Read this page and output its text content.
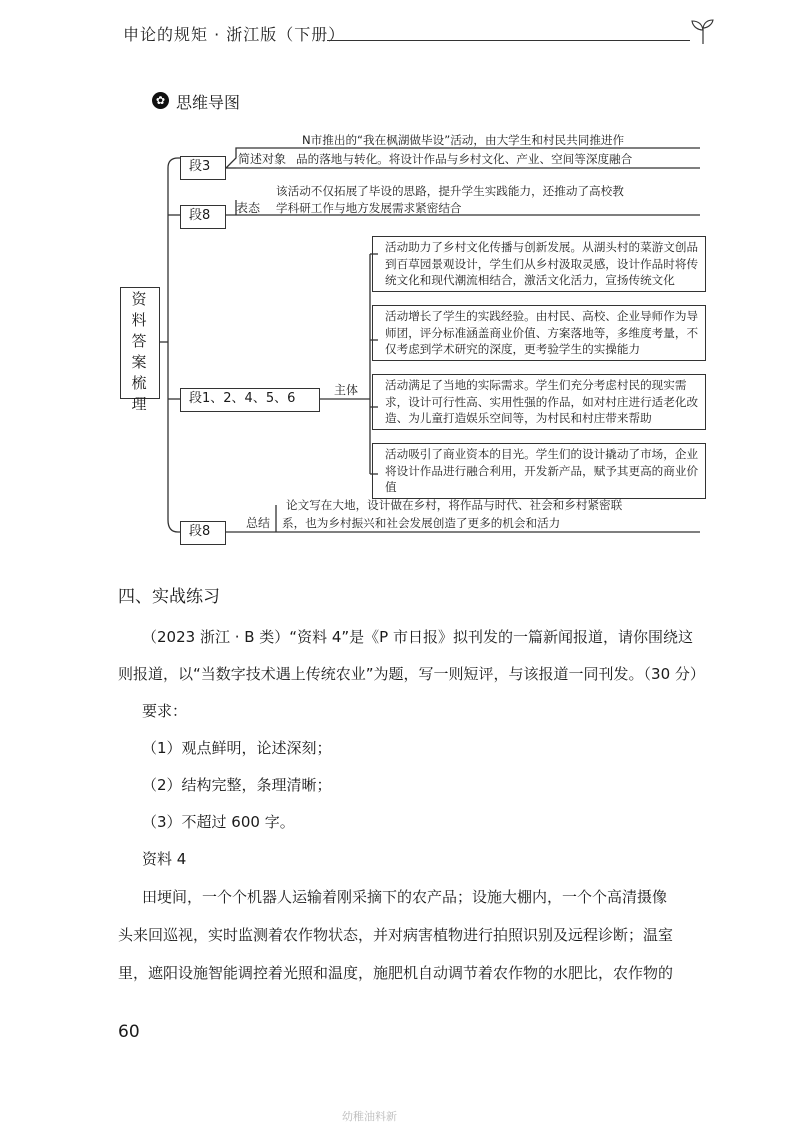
申论的规矩 · 浙江版（下册）
✿ 思维导图
资
料
答
案
梳
理
段3	简述对象
N市推出的“我在枫湖做毕设”活动，由大学生和村民共同推进作
品的落地与转化。将设计作品与乡村文化、产业、空间等深度融合
段8	表态
该活动不仅拓展了毕设的思路，提升学生实践能力，还推动了高校教
学科研工作与地方发展需求紧密结合
段1、2、4、5、6
主体
活动助力了乡村文化传播与创新发展。从湖头村的菜游文创品到百草园景观设计，学生们从乡村汲取灵感，设计作品时将传统文化和现代潮流相结合，激活文化活力，宣扬传统文化
活动增长了学生的实践经验。由村民、高校、企业导师作为导师团，评分标准涵盖商业价值、方案落地等，多维度考量，不仅考虑到学术研究的深度，更考验学生的实操能力
活动满足了当地的实际需求。学生们充分考虑村民的现实需求，设计可行性高、实用性强的作品，如对村庄进行适老化改造、为儿童打造娱乐空间等，为村民和村庄带来帮助
活动吸引了商业资本的目光。学生们的设计撬动了市场，企业将设计作品进行融合利用，开发新产品，赋予其更高的商业价值
段8
总结
论文写在大地，设计做在乡村，将作品与时代、社会和乡村紧密联
系，也为乡村振兴和社会发展创造了更多的机会和活力
四、实战练习
（2023 浙江 · B 类）“资料 4”是《P 市日报》拟刊发的一篇新闻报道，请你围绕这
则报道，以“当数字技术遇上传统农业”为题，写一则短评，与该报道一同刊发。（30 分）
要求：
（1）观点鲜明，论述深刻；
（2）结构完整，条理清晰；
（3）不超过 600 字。
资料 4
田埂间，一个个机器人运输着刚采摘下的农产品；设施大棚内，一个个高清摄像
头来回巡视，实时监测着农作物状态，并对病害植物进行拍照识别及远程诊断；温室
里，遮阳设施智能调控着光照和温度，施肥机自动调节着农作物的水肥比，农作物的
60
幼稚油料新
